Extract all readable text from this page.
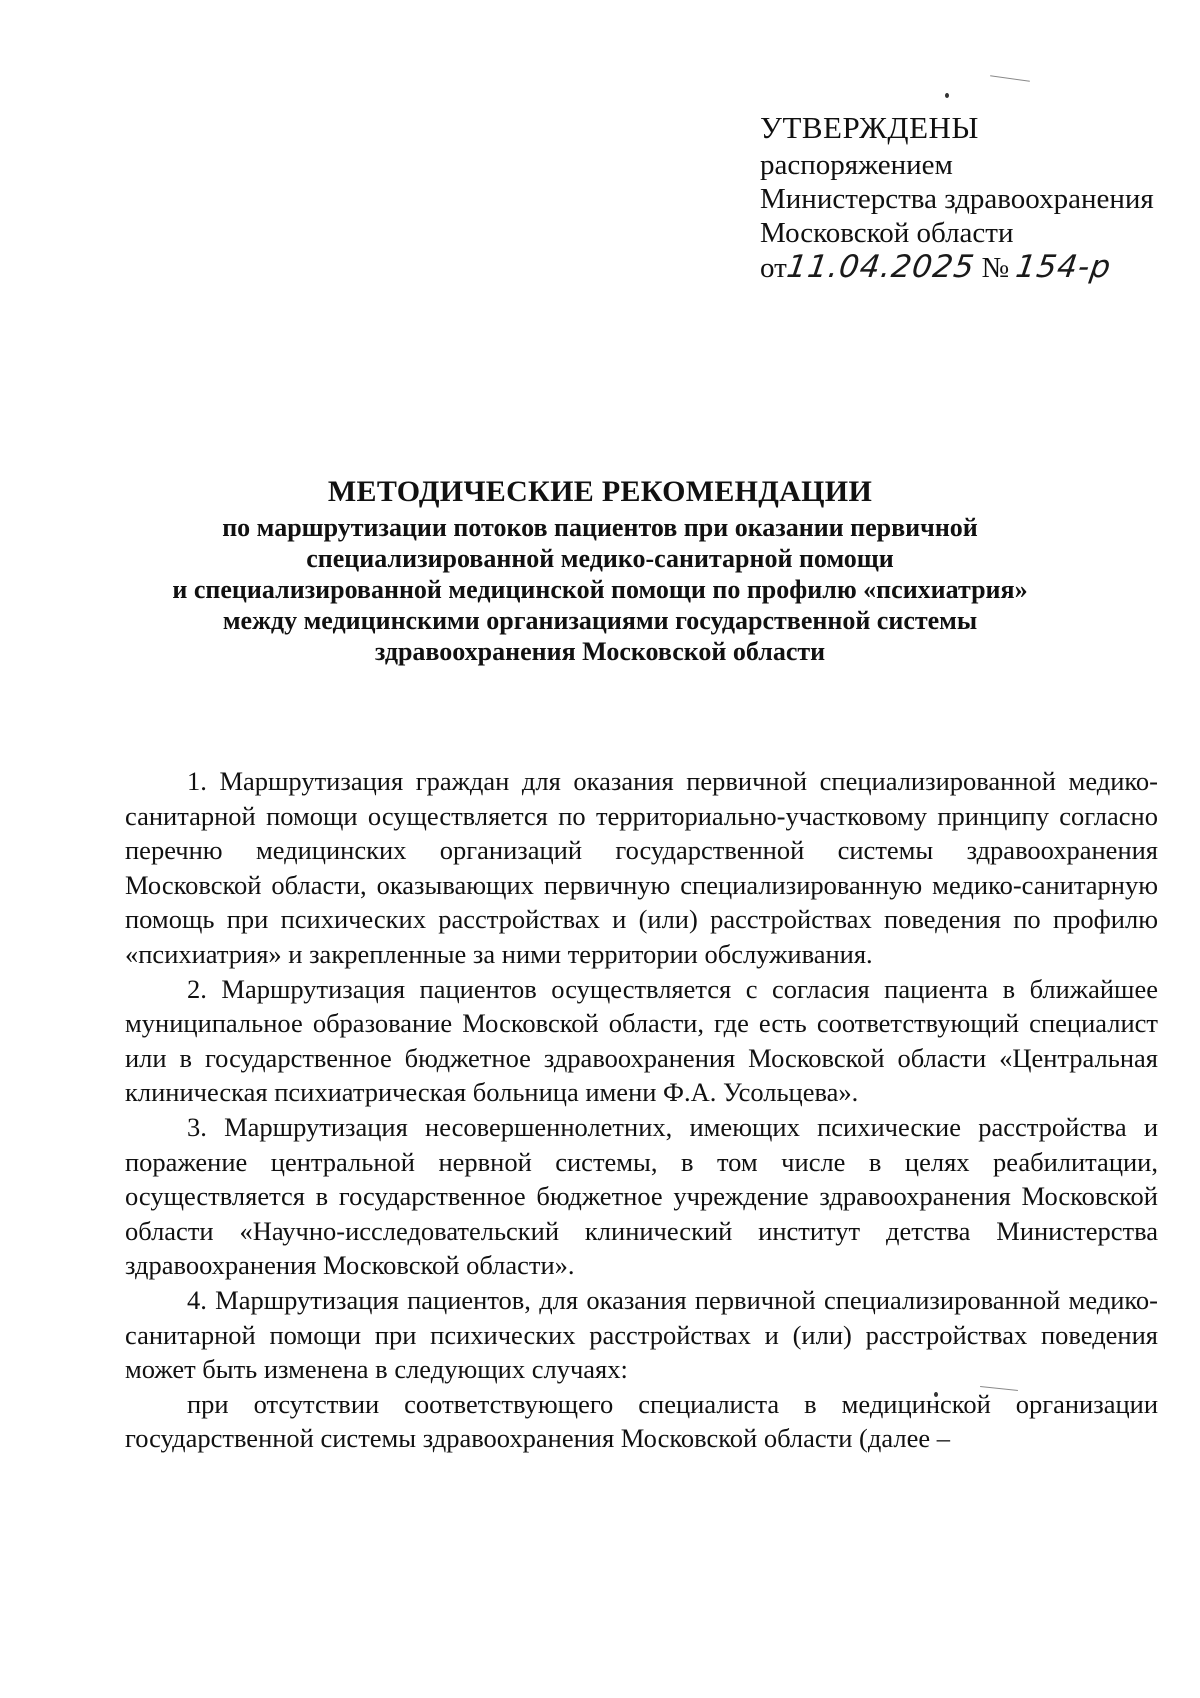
УТВЕРЖДЕНЫ
распоряжением
Министерства здравоохранения
Московской области
от11.04.2025 № 154-р
МЕТОДИЧЕСКИЕ РЕКОМЕНДАЦИИ
по маршрутизации потоков пациентов при оказании первичной
специализированной медико-санитарной помощи
и специализированной медицинской помощи по профилю «психиатрия»
между медицинскими организациями государственной системы
здравоохранения Московской области

1. Маршрутизация граждан для оказания первичной специализированной медико-санитарной помощи осуществляется по территориально-участковому принципу согласно перечню медицинских организаций государственной системы здравоохранения Московской области, оказывающих первичную специализированную медико-санитарную помощь при психических расстройствах и (или) расстройствах поведения по профилю «психиатрия» и закрепленные за ними территории обслуживания.

2. Маршрутизация пациентов осуществляется с согласия пациента в ближайшее муниципальное образование Московской области, где есть соответствующий специалист или в государственное бюджетное здравоохранения Московской области «Центральная клиническая психиатрическая больница имени Ф.А. Усольцева».

3. Маршрутизация несовершеннолетних, имеющих психические расстройства и поражение центральной нервной системы, в том числе в целях реабилитации, осуществляется в государственное бюджетное учреждение здравоохранения Московской области «Научно-исследовательский клинический институт детства Министерства здравоохранения Московской области».

4. Маршрутизация пациентов, для оказания первичной специализированной медико-санитарной помощи при психических расстройствах и (или) расстройствах поведения может быть изменена в следующих случаях:

при отсутствии соответствующего специалиста в медицинской организации государственной системы здравоохранения Московской области (далее –
